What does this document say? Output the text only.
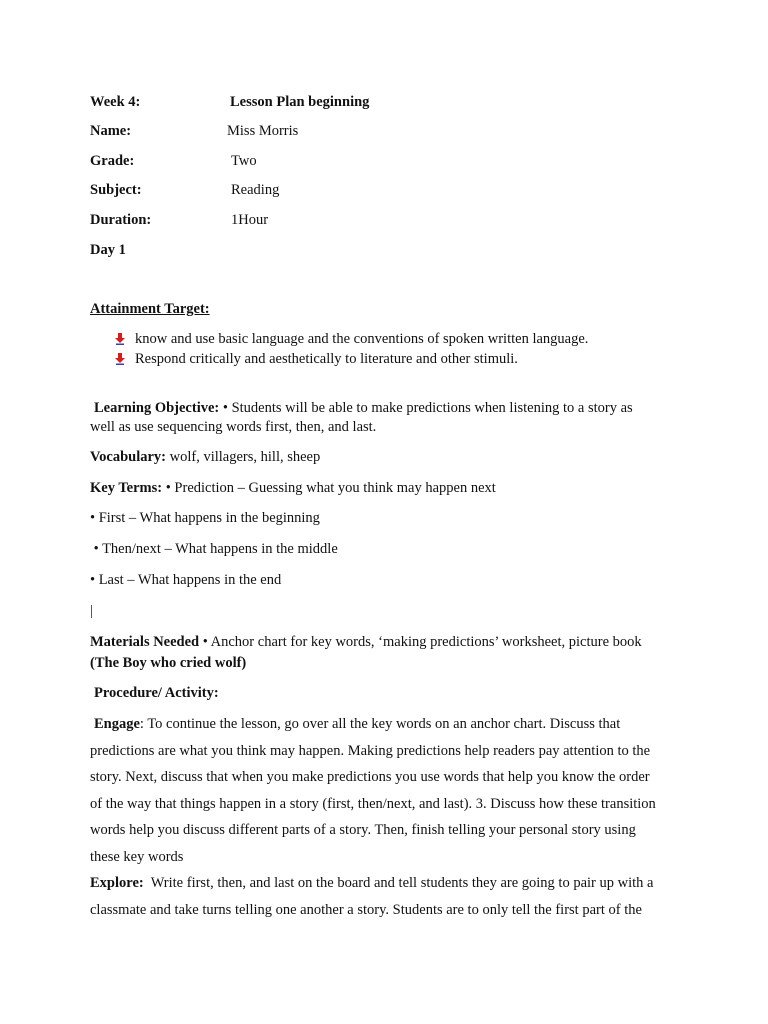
Week 4:	Lesson Plan beginning
Name:	Miss Morris
Grade:	Two
Subject:	Reading
Duration:	1Hour
Day 1
Attainment Target:
know and use basic language and the conventions of spoken written language.
Respond critically and aesthetically to literature and other stimuli.
Learning Objective: • Students will be able to make predictions when listening to a story as
well as use sequencing words first, then, and last.
Vocabulary: wolf, villagers, hill, sheep
Key Terms: • Prediction – Guessing what you think may happen next
• First – What happens in the beginning
• Then/next – What happens in the middle
• Last – What happens in the end
|
Materials Needed • Anchor chart for key words, ‘making predictions’ worksheet, picture book
(The Boy who cried wolf)
Procedure/ Activity:
Engage: To continue the lesson, go over all the key words on an anchor chart. Discuss that
predictions are what you think may happen. Making predictions help readers pay attention to the
story. Next, discuss that when you make predictions you use words that help you know the order
of the way that things happen in a story (first, then/next, and last). 3. Discuss how these transition
words help you discuss different parts of a story. Then, finish telling your personal story using
these key words
Explore:  Write first, then, and last on the board and tell students they are going to pair up with a
classmate and take turns telling one another a story. Students are to only tell the first part of the
